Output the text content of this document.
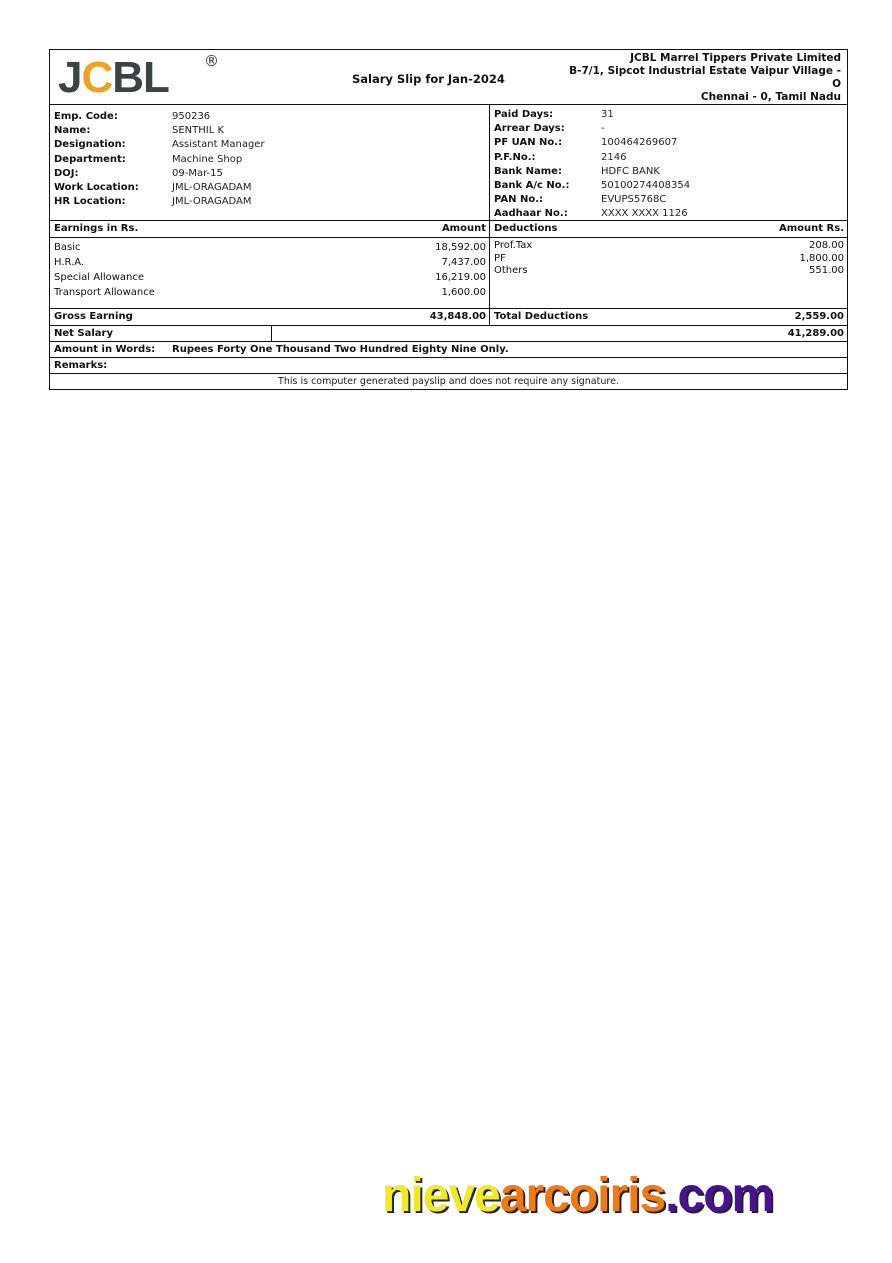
JCBL ®
Salary Slip for Jan-2024
JCBL Marrel Tippers Private Limited
B-7/1, Sipcot Industrial Estate Vaipur Village -
O
Chennai - 0, Tamil Nadu
Emp. Code:	950236
Name:	SENTHIL K
Designation:	Assistant Manager
Department:	Machine Shop
DOJ:	09-Mar-15
Work Location:	JML-ORAGADAM
HR Location:	JML-ORAGADAM
Paid Days:	31
Arrear Days:	-
PF UAN No.:	100464269607
P.F.No.:	2146
Bank Name:	HDFC BANK
Bank A/c No.:	50100274408354
PAN No.:	EVUPS5768C
Aadhaar No.:	XXXX XXXX 1126
Earnings in Rs.	Amount Deductions	Amount Rs.
Basic	18,592.00
H.R.A.	7,437.00
Special Allowance	16,219.00
Transport Allowance	1,600.00
Prof.Tax	208.00
PF	1,800.00
Others	551.00
Gross Earning	43,848.00 Total Deductions	2,559.00
Net Salary	41,289.00
Amount in Words:	Rupees Forty One Thousand Two Hundred Eighty Nine Only.
Remarks:
This is computer generated payslip and does not require any signature.
nievearcoiris.com
